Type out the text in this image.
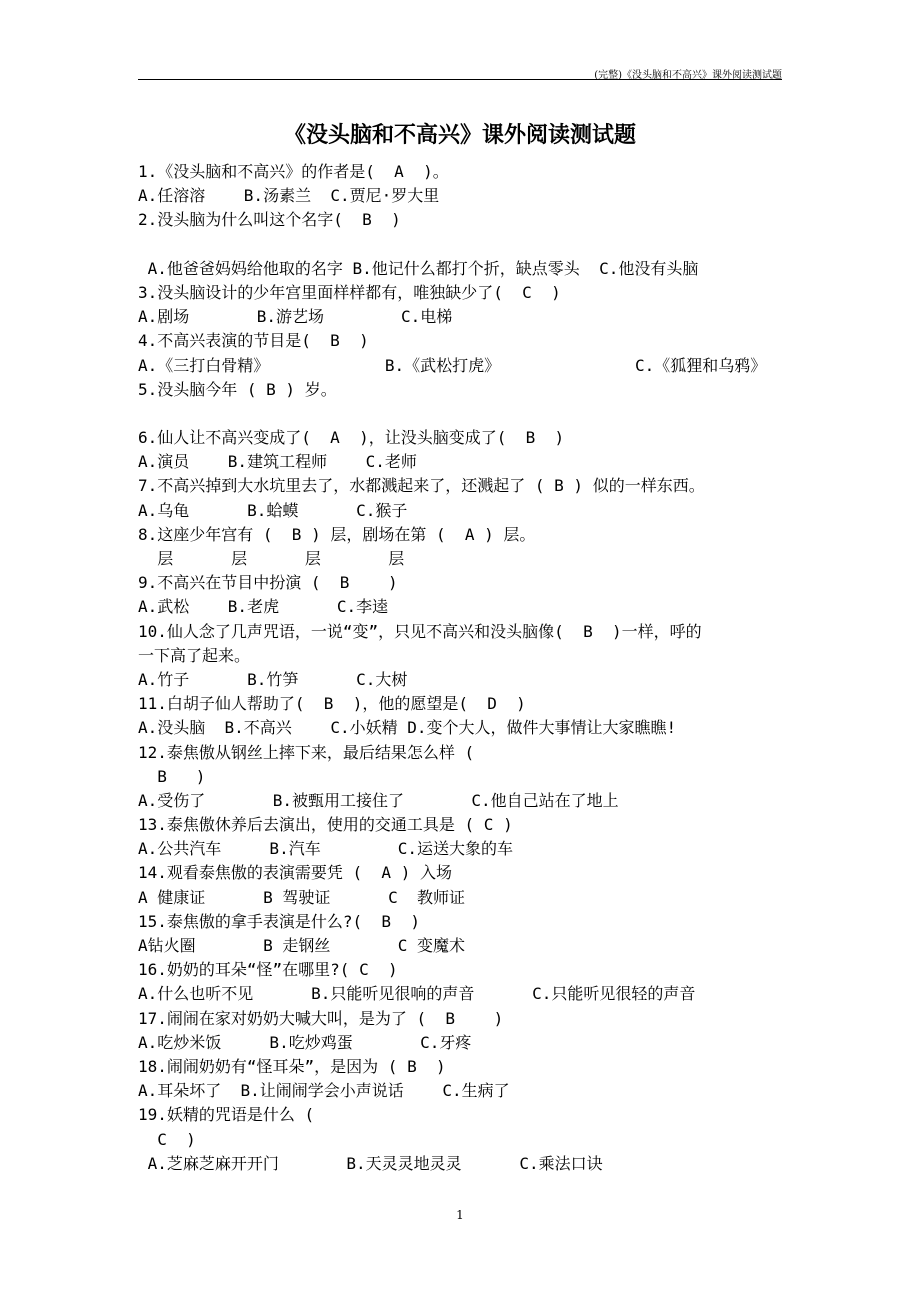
(完整)《没头脑和不高兴》课外阅读测试题
《没头脑和不高兴》课外阅读测试题
1.《没头脑和不高兴》的作者是(  A  )。
A.任溶溶    B.汤素兰  C.贾尼·罗大里
2.没头脑为什么叫这个名字(  B  )
A.他爸爸妈妈给他取的名字 B.他记什么都打个折，缺点零头  C.他没有头脑
3.没头脑设计的少年宫里面样样都有，唯独缺少了(  C  )
A.剧场       B.游艺场        C.电梯
4.不高兴表演的节目是(  B  )
A.《三打白骨精》            B.《武松打虎》              C.《狐狸和乌鸦》
5.没头脑今年 ( B ) 岁。
6.仙人让不高兴变成了(  A  )，让没头脑变成了(  B  )
A.演员    B.建筑工程师    C.老师
7.不高兴掉到大水坑里去了，水都溅起来了，还溅起了 ( B ) 似的一样东西。
A.乌龟      B.蛤蟆      C.猴子
8.这座少年宫有 (  B ) 层，剧场在第 (  A ) 层。
层      层      层       层
9.不高兴在节目中扮演 (  B    )
A.武松    B.老虎      C.李逵
10.仙人念了几声咒语，一说“变”，只见不高兴和没头脑像(  B  )一样，呼的
一下高了起来。
A.竹子      B.竹笋      C.大树
11.白胡子仙人帮助了(  B  )，他的愿望是(  D  )
A.没头脑  B.不高兴    C.小妖精 D.变个大人，做件大事情让大家瞧瞧!
12.泰焦傲从钢丝上摔下来，最后结果怎么样 (
B   )
A.受伤了       B.被甄用工接住了       C.他自己站在了地上
13.泰焦傲休养后去演出，使用的交通工具是 ( C )
A.公共汽车     B.汽车        C.运送大象的车
14.观看泰焦傲的表演需要凭 (  A ) 入场
A 健康证      B 驾驶证      C  教师证
15.泰焦傲的拿手表演是什么?(  B  )
A钻火圈       B 走钢丝       C 变魔术
16.奶奶的耳朵“怪”在哪里?( C  )
A.什么也听不见      B.只能听见很响的声音      C.只能听见很轻的声音
17.闹闹在家对奶奶大喊大叫，是为了 (  B    )
A.吃炒米饭     B.吃炒鸡蛋       C.牙疼
18.闹闹奶奶有“怪耳朵”，是因为 ( B  )
A.耳朵坏了  B.让闹闹学会小声说话    C.生病了
19.妖精的咒语是什么 (
C  )
A.芝麻芝麻开开门       B.天灵灵地灵灵      C.乘法口诀
1
